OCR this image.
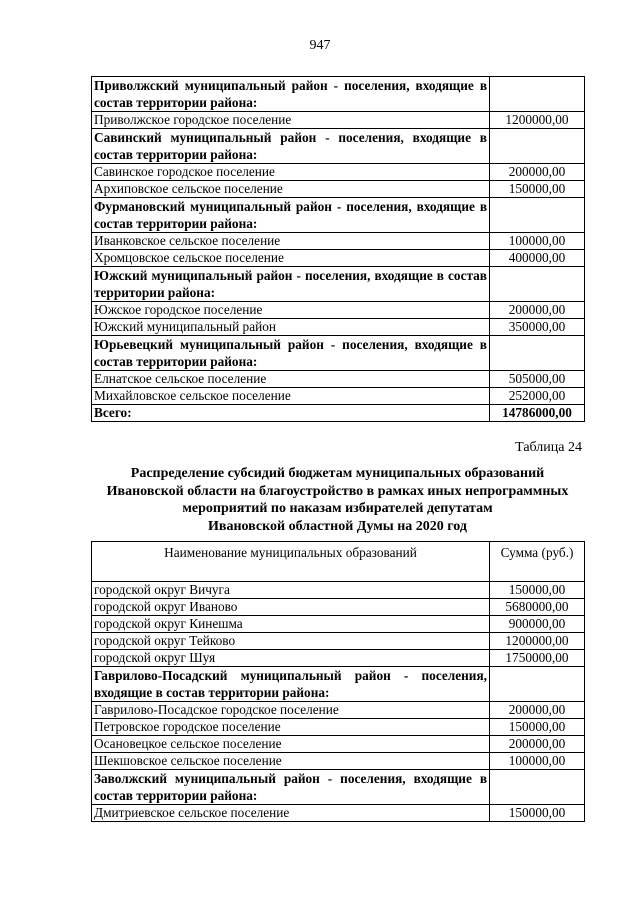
947
Приволжский муниципальный район - поселения, входящие в состав территории района:	
Приволжское городское поселение	1200000,00
Савинский муниципальный район - поселения, входящие в состав территории района:	
Савинское городское поселение	200000,00
Архиповское сельское поселение	150000,00
Фурмановский муниципальный район - поселения, входящие в состав территории района:	
Иванковское сельское поселение	100000,00
Хромцовское сельское поселение	400000,00
Южский муниципальный район - поселения, входящие в состав территории района:	
Южское городское поселение	200000,00
Южский муниципальный район	350000,00
Юрьевецкий муниципальный район - поселения, входящие в состав территории района:	
Елнатское сельское поселение	505000,00
Михайловское сельское поселение	252000,00
Всего:	14786000,00
Таблица 24
Распределение субсидий бюджетам муниципальных образований
Ивановской области на благоустройство в рамках иных непрограммных
мероприятий по наказам избирателей депутатам
Ивановской областной Думы на 2020 год
Наименование муниципальных образований	Сумма (руб.)
городской округ Вичуга	150000,00
городской округ Иваново	5680000,00
городской округ Кинешма	900000,00
городской округ Тейково	1200000,00
городской округ Шуя	1750000,00
Гаврилово-Посадский муниципальный район - поселения, входящие в состав территории района:	
Гаврилово-Посадское городское поселение	200000,00
Петровское городское поселение	150000,00
Осановецкое сельское поселение	200000,00
Шекшовское сельское поселение	100000,00
Заволжский муниципальный район - поселения, входящие в состав территории района:	
Дмитриевское сельское поселение	150000,00
